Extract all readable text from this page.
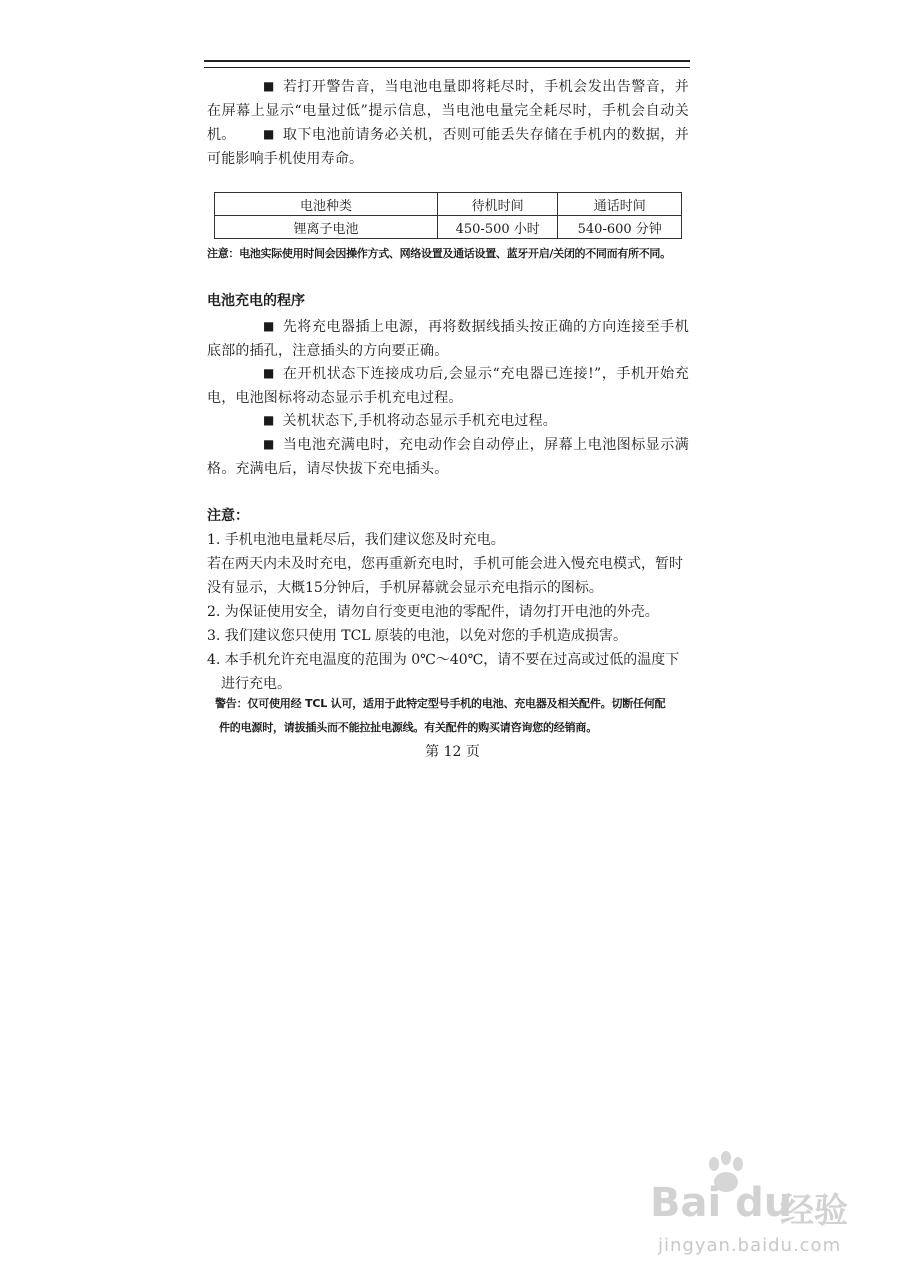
■ 若打开警告音，当电池电量即将耗尽时，手机会发出告警音，并在屏幕上显示“电量过低”提示信息，当电池电量完全耗尽时，手机会自动关机。	■ 取下电池前请务必关机，否则可能丢失存储在手机内的数据，并可能影响手机使用寿命。
电池种类	待机时间	通话时间
锂离子电池	450-500 小时	540-600 分钟
注意：电池实际使用时间会因操作方式、网络设置及通话设置、蓝牙开启/关闭的不同而有所不同。
电池充电的程序
■ 先将充电器插上电源，再将数据线插头按正确的方向连接至手机底部的插孔，注意插头的方向要正确。
■ 在开机状态下连接成功后,会显示“充电器已连接!”，手机开始充电，电池图标将动态显示手机充电过程。
■ 关机状态下,手机将动态显示手机充电过程。
■ 当电池充满电时，充电动作会自动停止，屏幕上电池图标显示满格。充满电后，请尽快拔下充电插头。
注意：
1. 手机电池电量耗尽后，我们建议您及时充电。
若在两天内未及时充电，您再重新充电时，手机可能会进入慢充电模式，暂时没有显示，大概15分钟后，手机屏幕就会显示充电指示的图标。
2. 为保证使用安全，请勿自行变更电池的零配件，请勿打开电池的外壳。
3. 我们建议您只使用 TCL 原装的电池，以免对您的手机造成损害。
4. 本手机允许充电温度的范围为 0℃～40℃，请不要在过高或过低的温度下进行充电。
警告：仅可使用经 TCL 认可，适用于此特定型号手机的电池、充电器及相关配件。切断任何配
件的电源时，请拔插头而不能拉扯电源线。有关配件的购买请咨询您的经销商。
第 12 页
Bai du
经验
jingyan.baidu.com
